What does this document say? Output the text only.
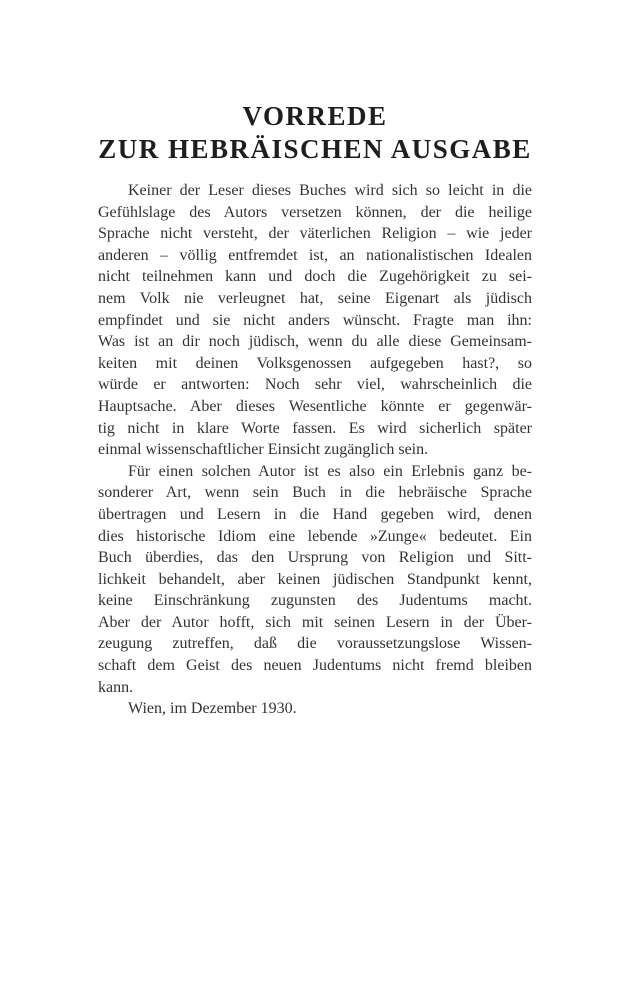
VORREDE
ZUR HEBRÄISCHEN AUSGABE
Keiner der Leser dieses Buches wird sich so leicht in die
Gefühlslage des Autors versetzen können, der die heilige
Sprache nicht versteht, der väterlichen Religion – wie jeder
anderen – völlig entfremdet ist, an nationalistischen Idealen
nicht teilnehmen kann und doch die Zugehörigkeit zu sei-
nem Volk nie verleugnet hat, seine Eigenart als jüdisch
empfindet und sie nicht anders wünscht. Fragte man ihn:
Was ist an dir noch jüdisch, wenn du alle diese Gemeinsam-
keiten mit deinen Volksgenossen aufgegeben hast?, so
würde er antworten: Noch sehr viel, wahrscheinlich die
Hauptsache. Aber dieses Wesentliche könnte er gegenwär-
tig nicht in klare Worte fassen. Es wird sicherlich später
einmal wissenschaftlicher Einsicht zugänglich sein.
Für einen solchen Autor ist es also ein Erlebnis ganz be-
sonderer Art, wenn sein Buch in die hebräische Sprache
übertragen und Lesern in die Hand gegeben wird, denen
dies historische Idiom eine lebende »Zunge« bedeutet. Ein
Buch überdies, das den Ursprung von Religion und Sitt-
lichkeit behandelt, aber keinen jüdischen Standpunkt kennt,
keine Einschränkung zugunsten des Judentums macht.
Aber der Autor hofft, sich mit seinen Lesern in der Über-
zeugung zutreffen, daß die voraussetzungslose Wissen-
schaft dem Geist des neuen Judentums nicht fremd bleiben
kann.
Wien, im Dezember 1930.
